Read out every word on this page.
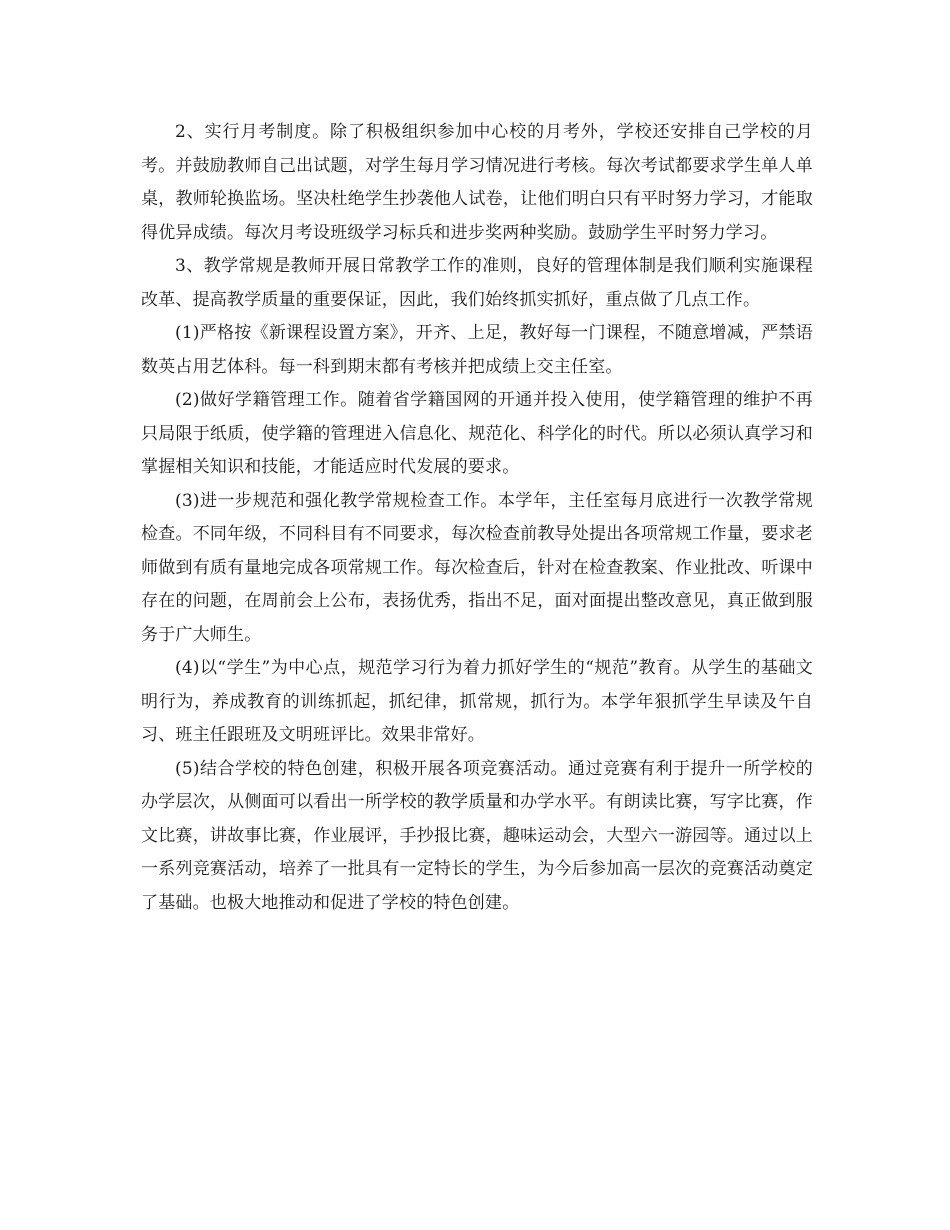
2、实行月考制度。除了积极组织参加中心校的月考外，学校还安排自己学校的月考。并鼓励教师自己出试题，对学生每月学习情况进行考核。每次考试都要求学生单人单桌，教师轮换监场。坚决杜绝学生抄袭他人试卷，让他们明白只有平时努力学习，才能取得优异成绩。每次月考设班级学习标兵和进步奖两种奖励。鼓励学生平时努力学习。

3、教学常规是教师开展日常教学工作的准则，良好的管理体制是我们顺利实施课程改革、提高教学质量的重要保证，因此，我们始终抓实抓好，重点做了几点工作。

(1)严格按《新课程设置方案》，开齐、上足，教好每一门课程，不随意增减，严禁语数英占用艺体科。每一科到期末都有考核并把成绩上交主任室。

(2)做好学籍管理工作。随着省学籍国网的开通并投入使用，使学籍管理的维护不再只局限于纸质，使学籍的管理进入信息化、规范化、科学化的时代。所以必须认真学习和掌握相关知识和技能，才能适应时代发展的要求。

(3)进一步规范和强化教学常规检查工作。本学年，主任室每月底进行一次教学常规检查。不同年级，不同科目有不同要求，每次检查前教导处提出各项常规工作量，要求老师做到有质有量地完成各项常规工作。每次检查后，针对在检查教案、作业批改、听课中存在的问题，在周前会上公布，表扬优秀，指出不足，面对面提出整改意见，真正做到服务于广大师生。

(4)以“学生”为中心点，规范学习行为着力抓好学生的“规范”教育。从学生的基础文明行为，养成教育的训练抓起，抓纪律，抓常规，抓行为。本学年狠抓学生早读及午自习、班主任跟班及文明班评比。效果非常好。

(5)结合学校的特色创建，积极开展各项竞赛活动。通过竞赛有利于提升一所学校的办学层次，从侧面可以看出一所学校的教学质量和办学水平。有朗读比赛，写字比赛，作文比赛，讲故事比赛，作业展评，手抄报比赛，趣味运动会，大型六一游园等。通过以上一系列竞赛活动，培养了一批具有一定特长的学生，为今后参加高一层次的竞赛活动奠定了基础。也极大地推动和促进了学校的特色创建。
